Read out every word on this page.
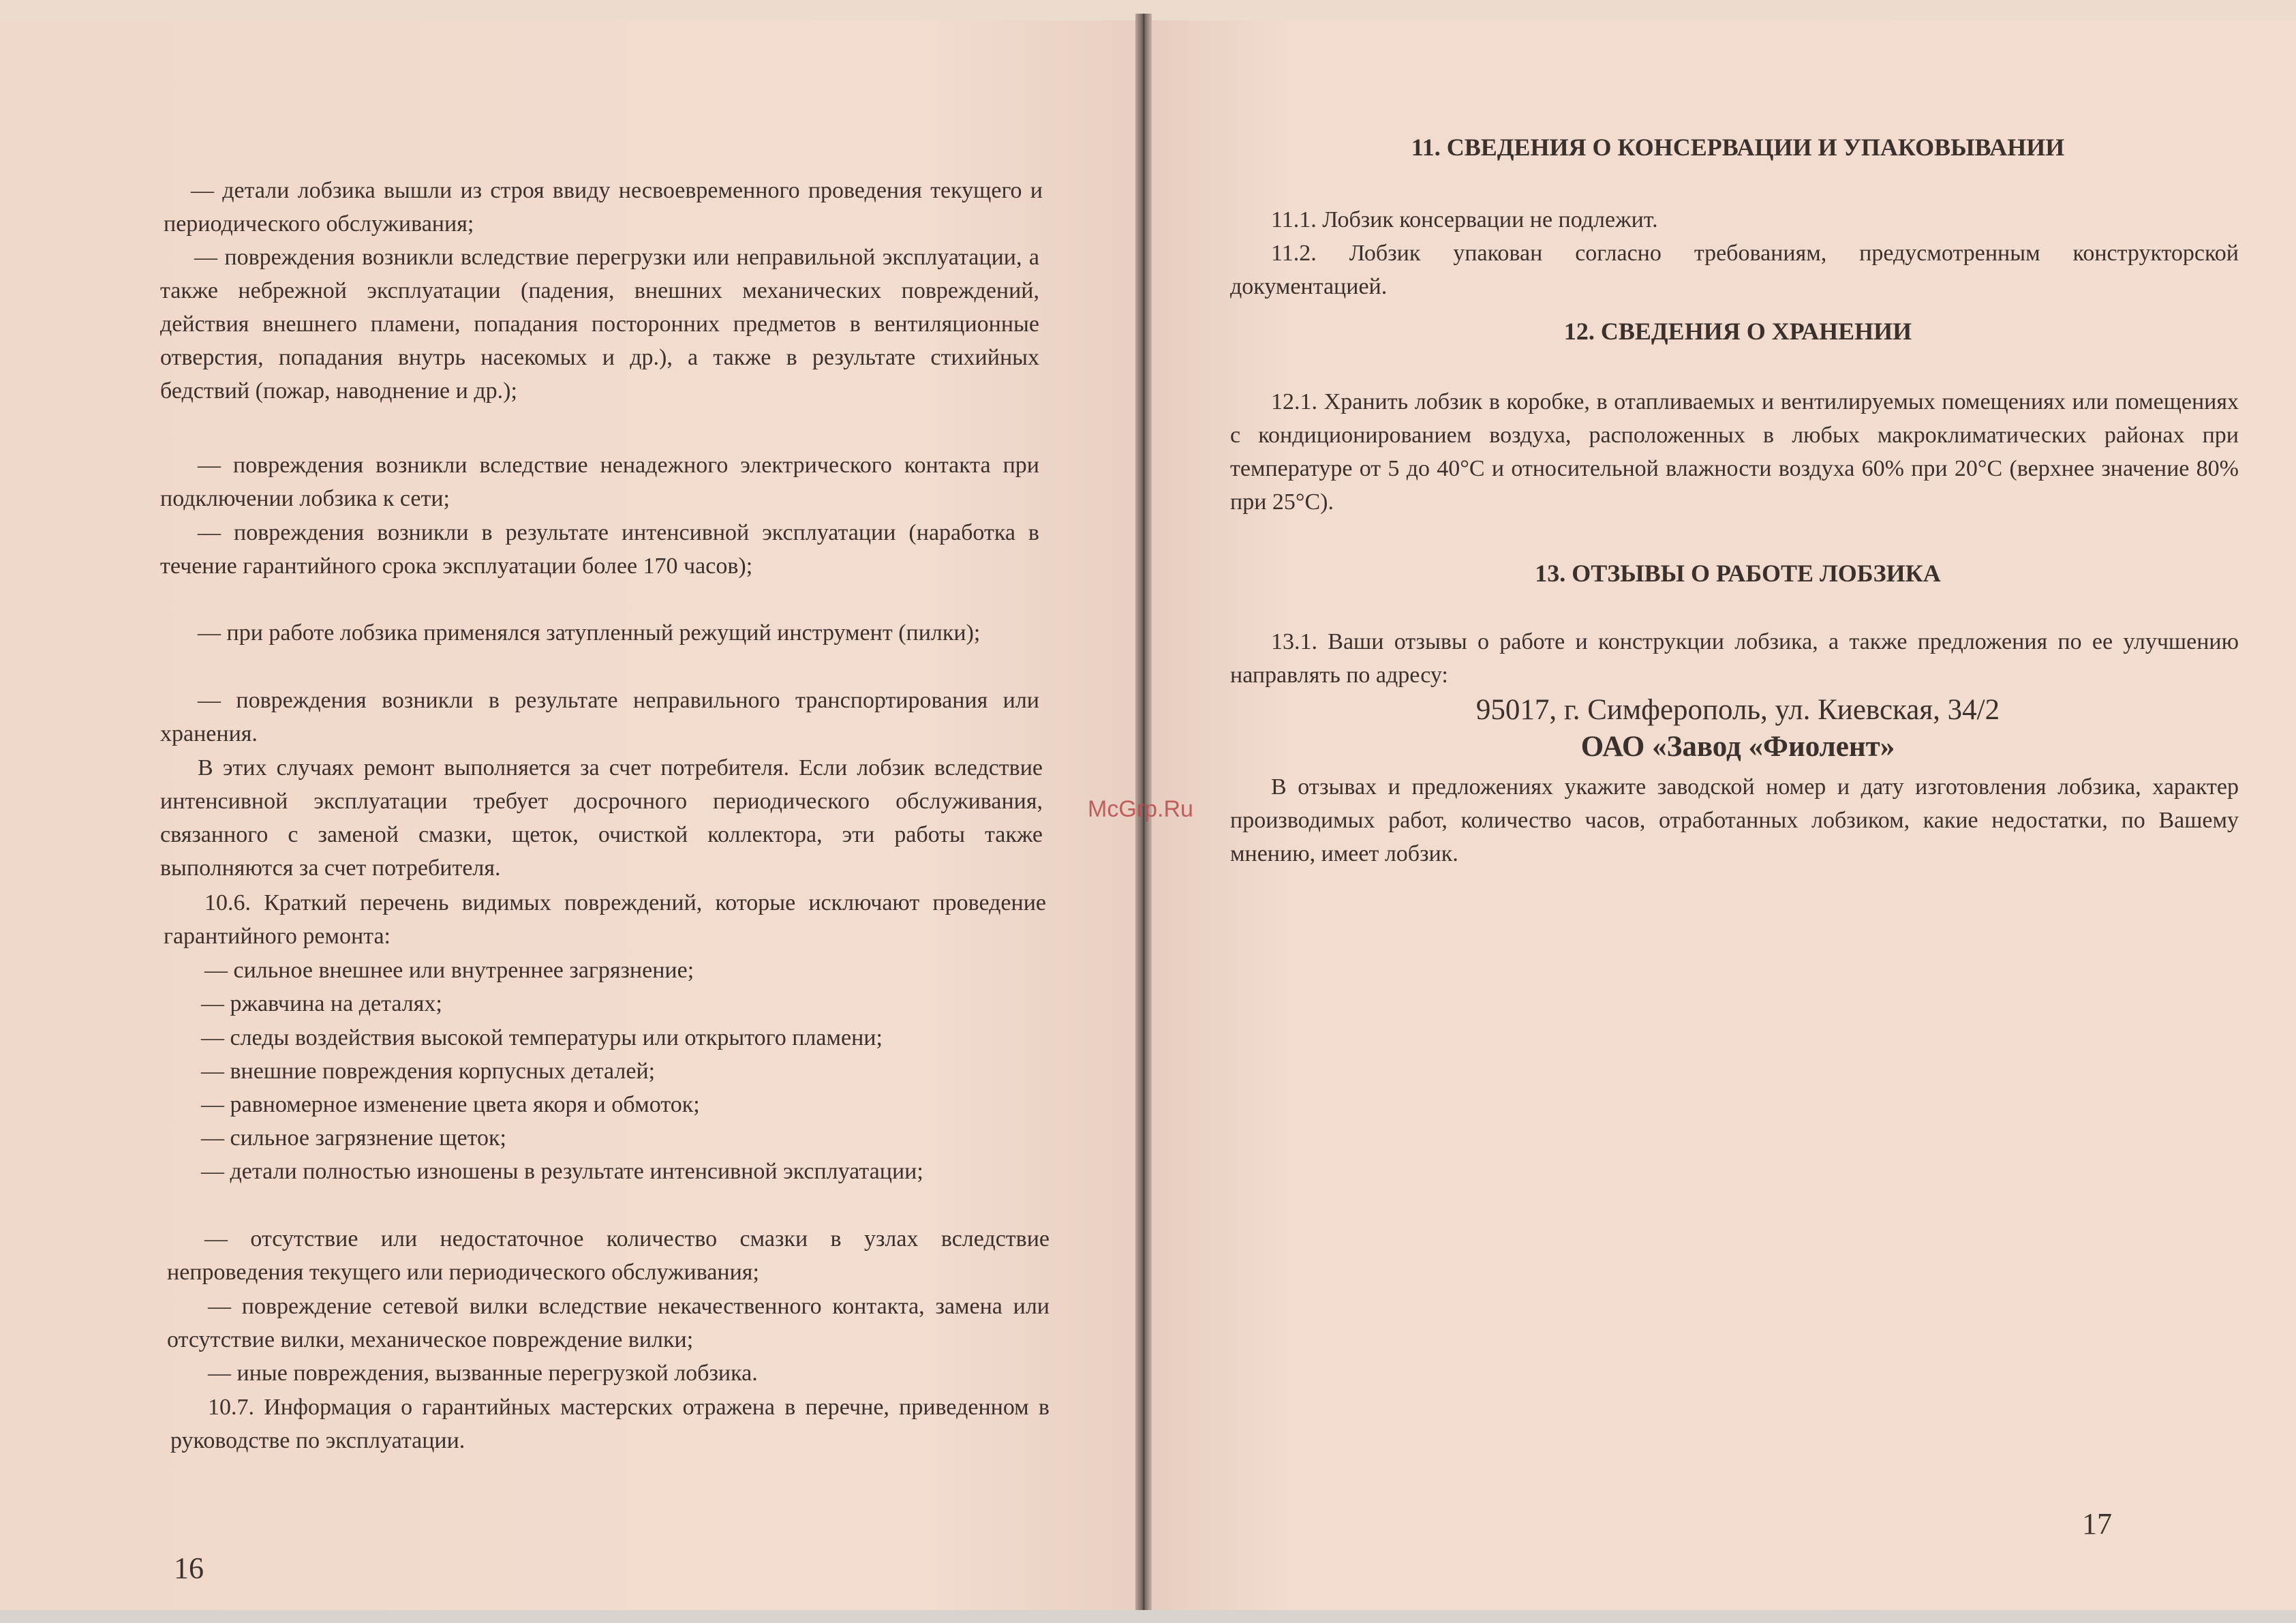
— детали лобзика вышли из строя ввиду несвоевременного проведения текущего и периодического обслуживания;

— повреждения возникли вследствие перегрузки или неправильной эксплуатации, а также небрежной эксплуатации (падения, внешних механических повреждений, действия внешнего пламени, попадания посторонних предметов в вентиляционные отверстия, попадания внутрь насекомых и др.), а также в результате стихийных бедствий (пожар, наводнение и др.);

— повреждения возникли вследствие ненадежного электрического контакта при подключении лобзика к сети;

— повреждения возникли в результате интенсивной эксплуатации (наработка в течение гарантийного срока эксплуатации более 170 часов);

— при работе лобзика применялся затупленный режущий инструмент (пилки);

— повреждения возникли в результате неправильного транспортирования или хранения.

В этих случаях ремонт выполняется за счет потребителя. Если лобзик вследствие интенсивной эксплуатации требует досрочного периодического обслуживания, связанного с заменой смазки, щеток, очисткой коллектора, эти работы также выполняются за счет потребителя.

10.6. Краткий перечень видимых повреждений, которые исключают проведение гарантийного ремонта:

— сильное внешнее или внутреннее загрязнение;

— ржавчина на деталях;

— следы воздействия высокой температуры или открытого пламени;

— внешние повреждения корпусных деталей;

— равномерное изменение цвета якоря и обмоток;

— сильное загрязнение щеток;

— детали полностью изношены в результате интенсивной эксплуатации;

— отсутствие или недостаточное количество смазки в узлах вследствие непроведения текущего или периодического обслуживания;

— повреждение сетевой вилки вследствие некачественного контакта, замена или отсутствие вилки, механическое повреждение вилки;

— иные повреждения, вызванные перегрузкой лобзика.

10.7. Информация о гарантийных мастерских отражена в перечне, приведенном в руководстве по эксплуатации.

16
11. СВЕДЕНИЯ О КОНСЕРВАЦИИ И УПАКОВЫВАНИИ

11.1. Лобзик консервации не подлежит.

11.2. Лобзик упакован согласно требованиям, предусмотренным конструкторской документацией.

12. СВЕДЕНИЯ О ХРАНЕНИИ

12.1. Хранить лобзик в коробке, в отапливаемых и вентилируемых помещениях или помещениях с кондиционированием воздуха, расположенных в любых макроклиматических районах при температуре от 5 до 40°С и относительной влажности воздуха 60% при 20°С (верхнее значение 80% при 25°С).

13. ОТЗЫВЫ О РАБОТЕ ЛОБЗИКА

13.1. Ваши отзывы о работе и конструкции лобзика, а также предложения по ее улучшению направлять по адресу:

95017, г. Симферополь, ул. Киевская, 34/2

ОАО «Завод «Фиолент»

В отзывах и предложениях укажите заводской номер и дату изготовления лобзика, характер производимых работ, количество часов, отработанных лобзиком, какие недостатки, по Вашему мнению, имеет лобзик.

17
McGrp.Ru
